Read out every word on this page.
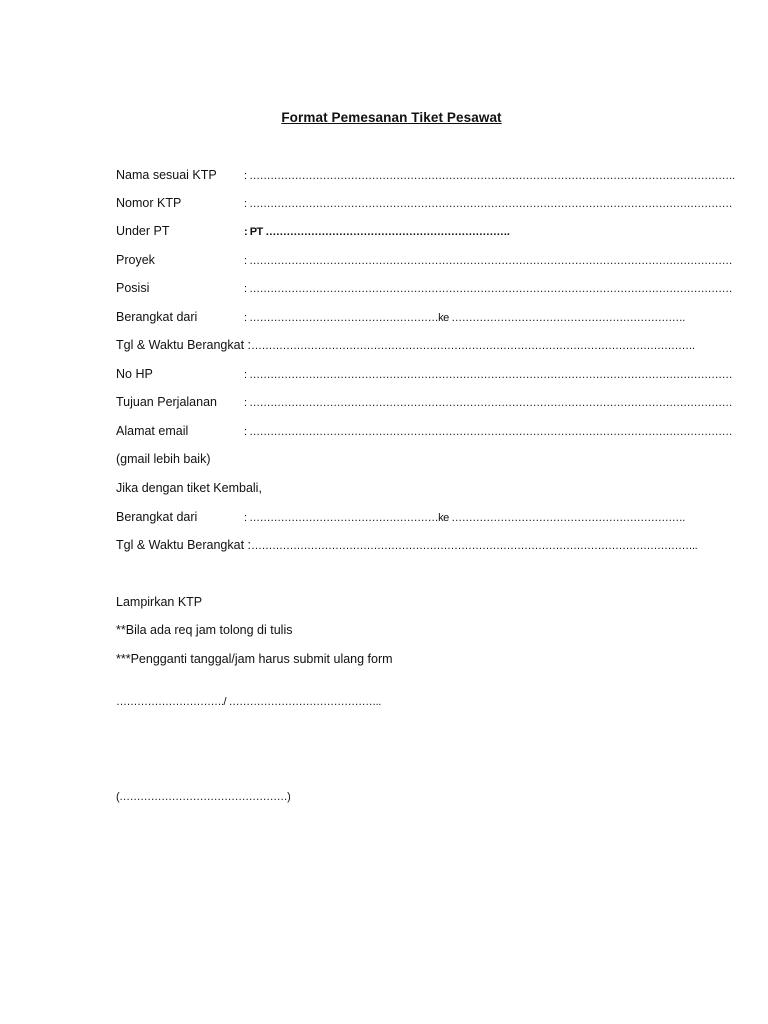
Format Pemesanan Tiket Pesawat
Nama sesuai KTP : ………………………………………………………………………………………………………………………….
Nomor KTP	: …………………………………………………………………………………………………………………………
Under PT	: PT …………………………………………………………….
Proyek	: …………………………………………………………………………………………………………………………
Posisi	: …………………………………………………………………………………………………………………………
Berangkat dari	: ………………………………………………ke ………………………………………………………….
Tgl & Waktu Berangkat :……………………………………………………………………………………………………………….
No HP	: …………………………………………………………………………………………………………………………
Tujuan Perjalanan : …………………………………………………………………………………………………………………………
Alamat email	: …………………………………………………………………………………………………………………………
(gmail lebih baik)
Jika dengan tiket Kembali,
Berangkat dari	: ………………………………………………ke ………………………………………………………….
Tgl & Waktu Berangkat :………………………………………………………………………………………………………………..
Lampirkan KTP
**Bila ada req jam tolong di tulis
***Pengganti tanggal/jam harus submit ulang form
…………………………./ ……………………………………..
(…………………………………………)
